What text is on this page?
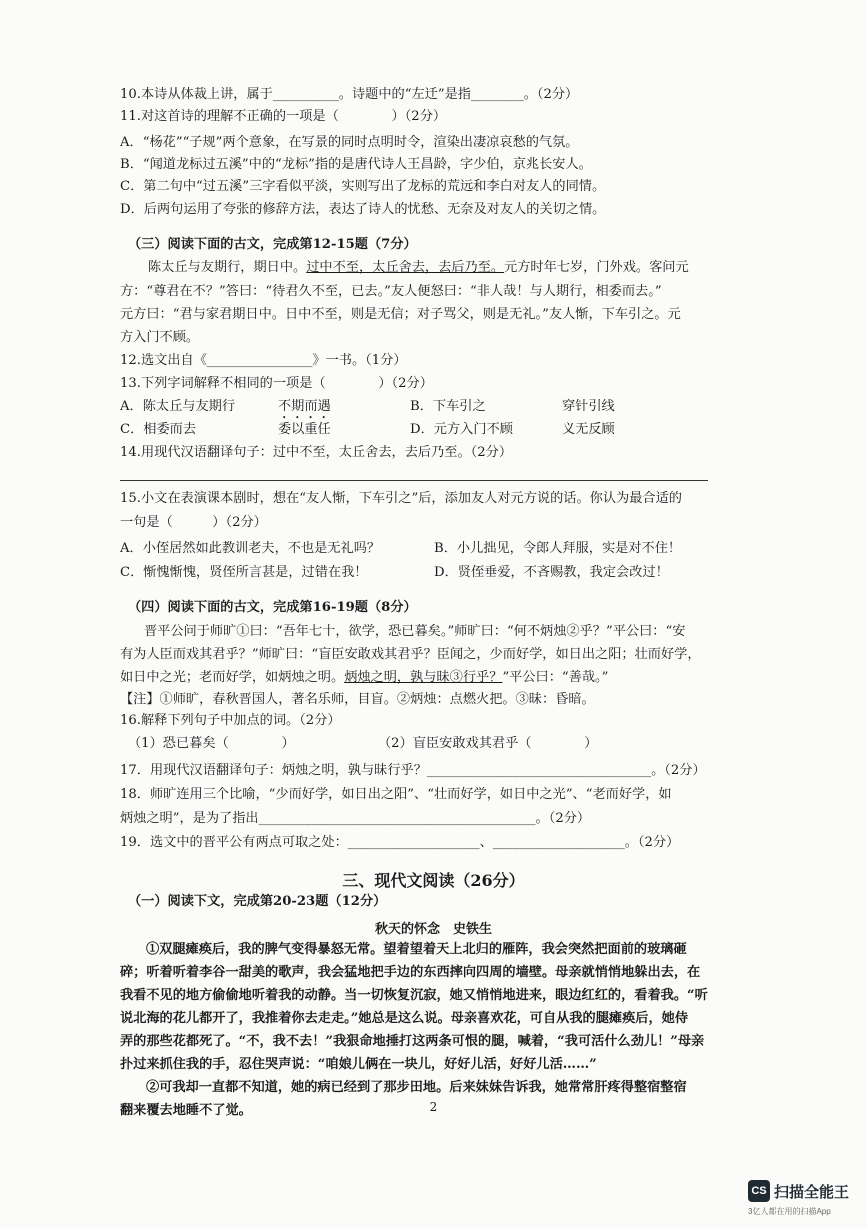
10.本诗从体裁上讲，属于__________。诗题中的“左迁”是指________。（2分）
11.对这首诗的理解不正确的一项是（　　　　）（2分）
A．“杨花”“子规”两个意象，在写景的同时点明时令，渲染出凄凉哀愁的气氛。
B．“闻道龙标过五溪”中的“龙标”指的是唐代诗人王昌龄，字少伯，京兆长安人。
C．第二句中“过五溪”三字看似平淡，实则写出了龙标的荒远和李白对友人的同情。
D．后两句运用了夸张的修辞方法，表达了诗人的忧愁、无奈及对友人的关切之情。
（三）阅读下面的古文，完成第12-15题（7分）
陈太丘与友期行，期日中。过中不至，太丘舍去，去后乃至。元方时年七岁，门外戏。客问元
方：“尊君在不？”答曰：“待君久不至，已去。”友人便怒曰：“非人哉！与人期行，相委而去。”
元方曰：“君与家君期日中。日中不至，则是无信；对子骂父，则是无礼。”友人惭，下车引之。元
方入门不顾。
12.选文出自《________________》一书。（1分）
13.下列字词解释不相同的一项是（　　　　）（2分）
A．陈太丘与友期行	不期而遇	B．下车引之	穿针引线
C．相委而去	委以重任	D．元方入门不顾	义无反顾
14.用现代汉语翻译句子：过中不至，太丘舍去，去后乃至。（2分）
15.小文在表演课本剧时，想在“友人惭，下车引之”后，添加友人对元方说的话。你认为最合适的
一句是（　　　）（2分）
A．小侄居然如此教训老夫，不也是无礼吗？	B．小儿拙见，令郎人拜服，实是对不住！
C．惭愧惭愧，贤侄所言甚是，过错在我！	D．贤侄垂爱，不吝赐教，我定会改过！
（四）阅读下面的古文，完成第16-19题（8分）
晋平公问于师旷①曰：“吾年七十，欲学，恐已暮矣。”师旷曰：“何不炳烛②乎？”平公曰：“安
有为人臣而戏其君乎？”师旷曰：“盲臣安敢戏其君乎？臣闻之，少而好学，如日出之阳；壮而好学，
如日中之光；老而好学，如炳烛之明。炳烛之明，孰与昧③行乎？”平公曰：“善哉。”
【注】①师旷，春秋晋国人，著名乐师，目盲。②炳烛：点燃火把。③昧：昏暗。
16.解释下列句子中加点的词。（2分）
（1）恐已暮矣（　　　　）	（2）盲臣安敢戏其君乎（　　　　）
17．用现代汉语翻译句子：炳烛之明，孰与昧行乎？__________________________________。（2分）
18．师旷连用三个比喻，“少而好学，如日出之阳”、“壮而好学，如日中之光”、“老而好学，如
炳烛之明”，是为了指出__________________________________________。（2分）
19．选文中的晋平公有两点可取之处：____________________、____________________。（2分）
三、现代文阅读（26分）
（一）阅读下文，完成第20-23题（12分）
秋天的怀念　史铁生
①双腿瘫痪后，我的脾气变得暴怒无常。望着望着天上北归的雁阵，我会突然把面前的玻璃砸
碎；听着听着李谷一甜美的歌声，我会猛地把手边的东西摔向四周的墙壁。母亲就悄悄地躲出去，在
我看不见的地方偷偷地听着我的动静。当一切恢复沉寂，她又悄悄地进来，眼边红红的，看着我。“听
说北海的花儿都开了，我推着你去走走。”她总是这么说。母亲喜欢花，可自从我的腿瘫痪后，她侍
弄的那些花都死了。“不，我不去！”我狠命地捶打这两条可恨的腿，喊着，“我可活什么劲儿！”母亲
扑过来抓住我的手，忍住哭声说：“咱娘儿俩在一块儿，好好儿活，好好儿活……”
②可我却一直都不知道，她的病已经到了那步田地。后来妹妹告诉我，她常常肝疼得整宿整宿
翻来覆去地睡不了觉。	2
CS 扫描全能王
3亿人都在用的扫描App
